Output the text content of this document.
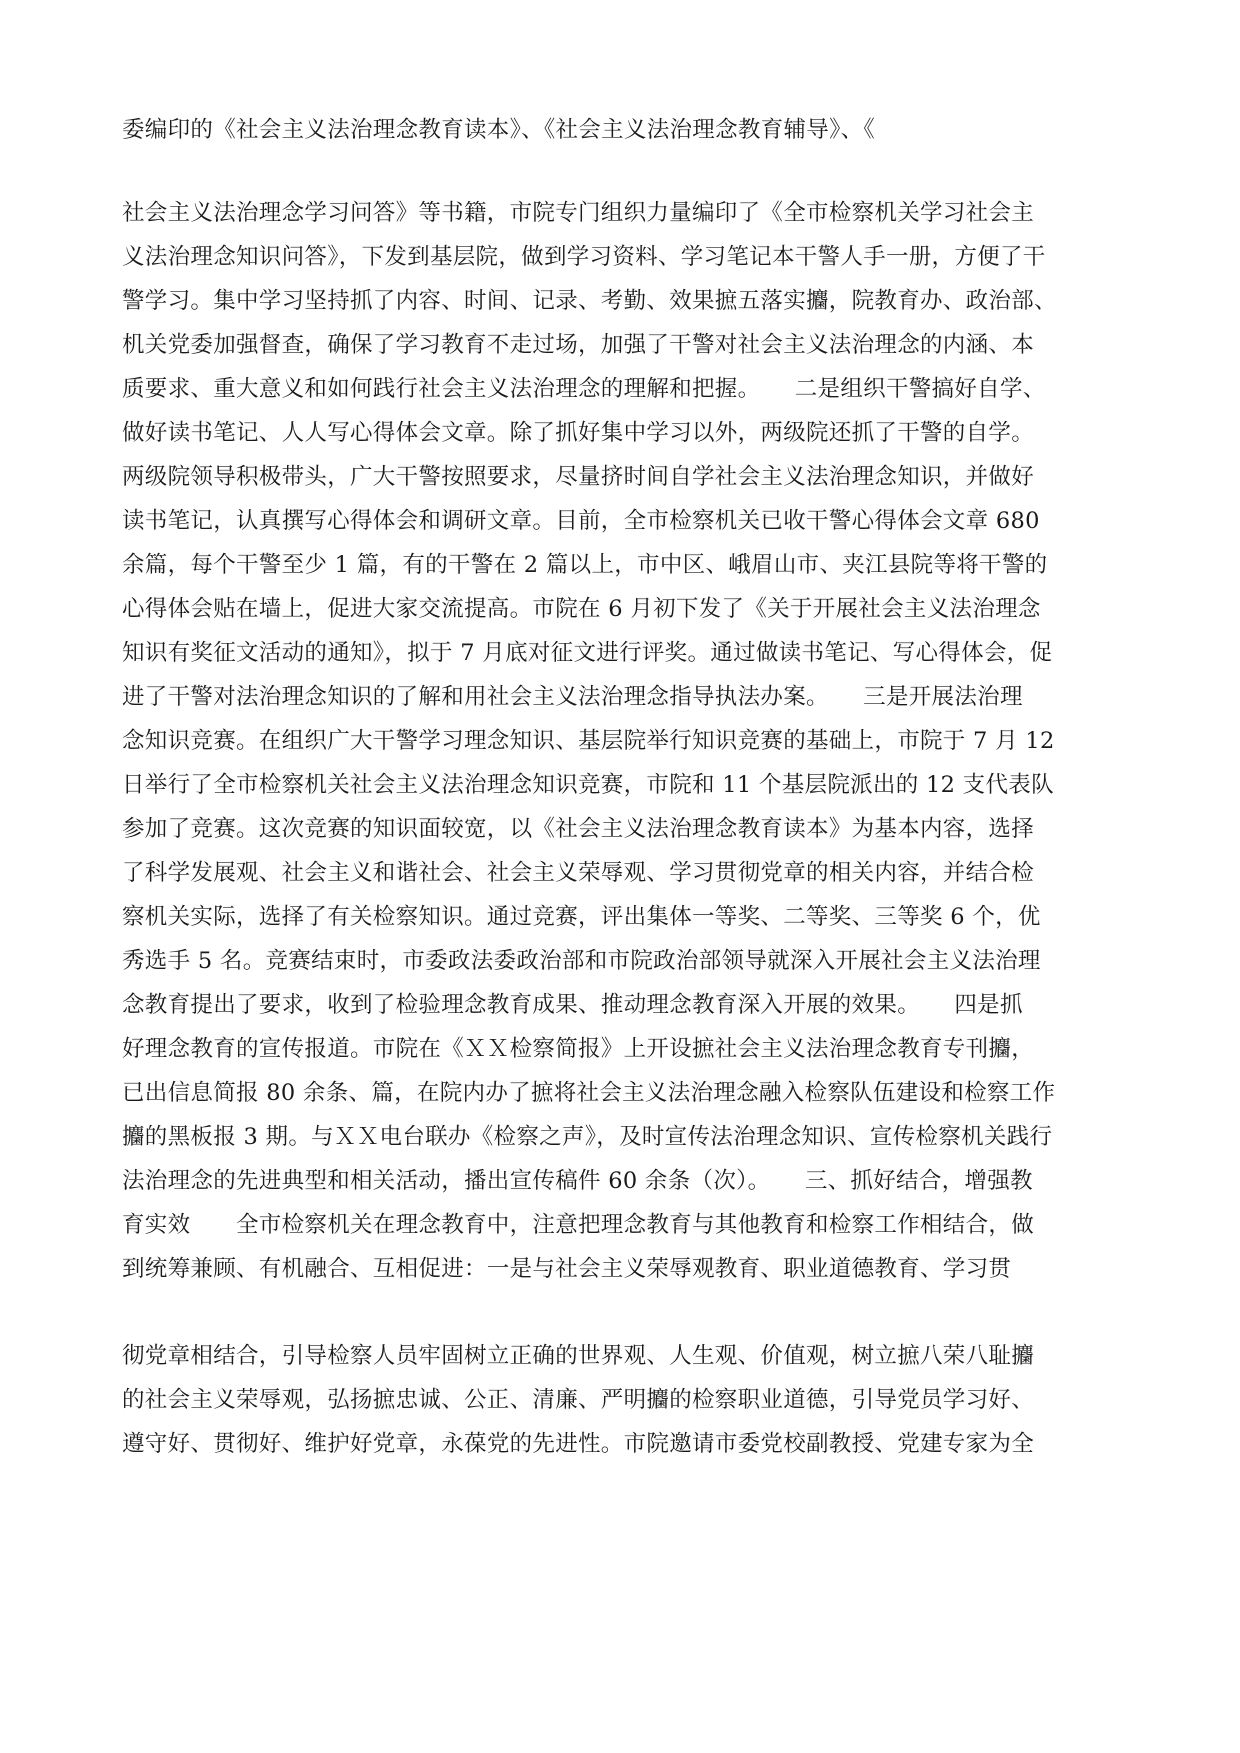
委编印的《社会主义法治理念教育读本》、《社会主义法治理念教育辅导》、《

社会主义法治理念学习问答》等书籍，市院专门组织力量编印了《全市检察机关学习社会主

义法治理念知识问答》，下发到基层院，做到学习资料、学习笔记本干警人手一册，方便了干

警学习。集中学习坚持抓了内容、时间、记录、考勤、效果摭五落实攟，院教育办、政治部、

机关党委加强督查，确保了学习教育不走过场，加强了干警对社会主义法治理念的内涵、本

质要求、重大意义和如何践行社会主义法治理念的理解和把握。　　二是组织干警搞好自学、

做好读书笔记、人人写心得体会文章。除了抓好集中学习以外，两级院还抓了干警的自学。

两级院领导积极带头，广大干警按照要求，尽量挤时间自学社会主义法治理念知识，并做好

读书笔记，认真撰写心得体会和调研文章。目前，全市检察机关已收干警心得体会文章 680

余篇，每个干警至少 1 篇，有的干警在 2 篇以上，市中区、峨眉山市、夹江县院等将干警的

心得体会贴在墙上，促进大家交流提高。市院在 6 月初下发了《关于开展社会主义法治理念

知识有奖征文活动的通知》，拟于 7 月底对征文进行评奖。通过做读书笔记、写心得体会，促

进了干警对法治理念知识的了解和用社会主义法治理念指导执法办案。　　三是开展法治理

念知识竞赛。在组织广大干警学习理念知识、基层院举行知识竞赛的基础上，市院于 7 月 12

日举行了全市检察机关社会主义法治理念知识竞赛，市院和 11 个基层院派出的 12 支代表队

参加了竞赛。这次竞赛的知识面较宽，以《社会主义法治理念教育读本》为基本内容，选择

了科学发展观、社会主义和谐社会、社会主义荣辱观、学习贯彻党章的相关内容，并结合检

察机关实际，选择了有关检察知识。通过竞赛，评出集体一等奖、二等奖、三等奖 6 个，优

秀选手 5 名。竞赛结束时，市委政法委政治部和市院政治部领导就深入开展社会主义法治理

念教育提出了要求，收到了检验理念教育成果、推动理念教育深入开展的效果。　　四是抓

好理念教育的宣传报道。市院在《ＸＸ检察简报》上开设摭社会主义法治理念教育专刊攟，

已出信息简报 80 余条、篇，在院内办了摭将社会主义法治理念融入检察队伍建设和检察工作

攟的黑板报 3 期。与ＸＸ电台联办《检察之声》，及时宣传法治理念知识、宣传检察机关践行

法治理念的先进典型和相关活动，播出宣传稿件 60 余条（次）。　　三、抓好结合，增强教

育实效　　全市检察机关在理念教育中，注意把理念教育与其他教育和检察工作相结合，做

到统筹兼顾、有机融合、互相促进：一是与社会主义荣辱观教育、职业道德教育、学习贯

彻党章相结合，引导检察人员牢固树立正确的世界观、人生观、价值观，树立摭八荣八耻攟

的社会主义荣辱观，弘扬摭忠诚、公正、清廉、严明攟的检察职业道德，引导党员学习好、

遵守好、贯彻好、维护好党章，永葆党的先进性。市院邀请市委党校副教授、党建专家为全
